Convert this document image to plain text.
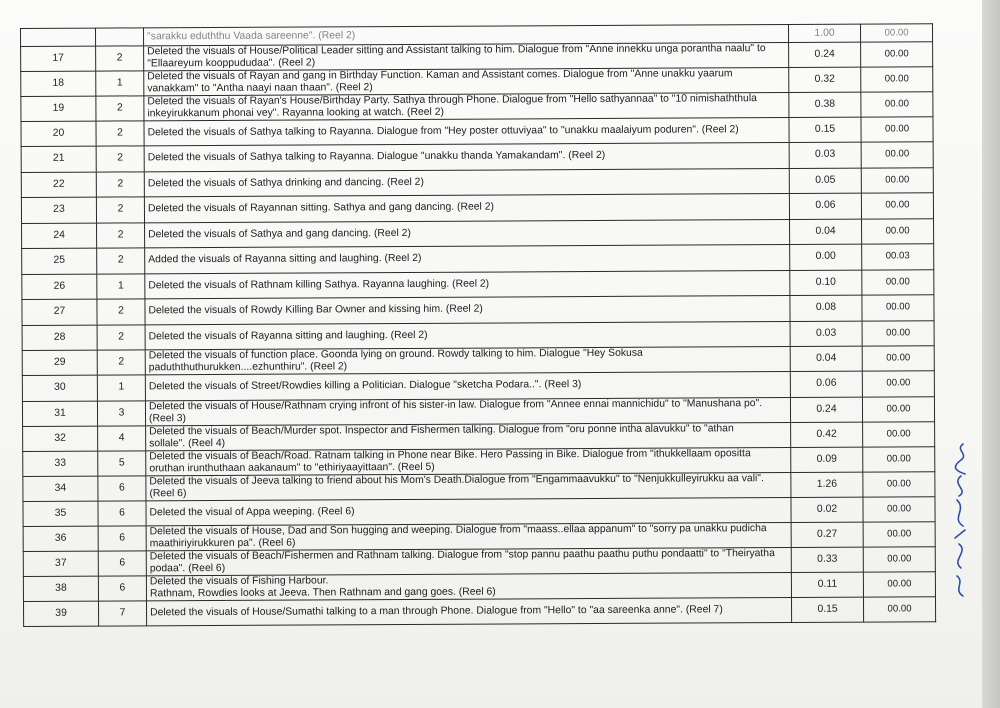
		"sarakku eduththu Vaada sareenne". (Reel 2)	1.00	00.00
17	2	Deleted the visuals of House/Political Leader sitting and Assistant talking to him. Dialogue from "Anne innekku unga porantha naalu" to "Ellaareyum kooppududaa". (Reel 2)	0.24	00.00
18	1	Deleted the visuals of Rayan and gang in Birthday Function. Kaman and Assistant comes. Dialogue from "Anne unakku yaarum vanakkam" to "Antha naayi naan thaan". (Reel 2)	0.32	00.00
19	2	Deleted the visuals of Rayan's House/Birthday Party. Sathya through Phone. Dialogue from "Hello sathyannaa" to "10 nimishaththula inkeyirukkanum phonai vey". Rayanna looking at watch. (Reel 2)	0.38	00.00
20	2	Deleted the visuals of Sathya talking to Rayanna. Dialogue from "Hey poster ottuviyaa" to "unakku maalaiyum poduren". (Reel 2)	0.15	00.00
21	2	Deleted the visuals of Sathya talking to Rayanna. Dialogue "unakku thanda Yamakandam". (Reel 2)	0.03	00.00
22	2	Deleted the visuals of Sathya drinking and dancing. (Reel 2)	0.05	00.00
23	2	Deleted the visuals of Rayannan sitting. Sathya and gang dancing. (Reel 2)	0.06	00.00
24	2	Deleted the visuals of Sathya and gang dancing. (Reel 2)	0.04	00.00
25	2	Added the visuals of Rayanna sitting and laughing. (Reel 2)	0.00	00.03
26	1	Deleted the visuals of Rathnam killing Sathya. Rayanna laughing. (Reel 2)	0.10	00.00
27	2	Deleted the visuals of Rowdy Killing Bar Owner and kissing him. (Reel 2)	0.08	00.00
28	2	Deleted the visuals of Rayanna sitting and laughing. (Reel 2)	0.03	00.00
29	2	Deleted the visuals of function place. Goonda lying on ground. Rowdy talking to him. Dialogue "Hey Sokusa paduththuthurukken....ezhunthiru". (Reel 2)	0.04	00.00
30	1	Deleted the visuals of Street/Rowdies killing a Politician. Dialogue "sketcha Podara..". (Reel 3)	0.06	00.00
31	3	Deleted the visuals of House/Rathnam crying infront of his sister-in law. Dialogue from "Annee ennai mannichidu" to "Manushana po". (Reel 3)	0.24	00.00
32	4	Deleted the visuals of Beach/Murder spot. Inspector and Fishermen talking. Dialogue from "oru ponne intha alavukku" to "athan
sollale". (Reel 4)	0.42	00.00
33	5	Deleted the visuals of Beach/Road. Ratnam talking in Phone near Bike. Hero Passing in Bike. Dialogue from "ithukkellaam opositta oruthan irunthuthaan aakanaum" to "ethiriyaayittaan". (Reel 5)	0.09	00.00
34	6	Deleted the visuals of Jeeva talking to friend about his Mom's Death.Dialogue from "Engammaavukku" to "Nenjukkulleyirukku aa vali". (Reel 6)	1.26	00.00
35	6	Deleted the visual of Appa weeping. (Reel 6)	0.02	00.00
36	6	Deleted the visuals of House, Dad and Son hugging and weeping. Dialogue from "maass..ellaa appanum" to "sorry pa unakku pudicha maathiriyirukkuren pa". (Reel 6)	0.27	00.00
37	6	Deleted the visuals of Beach/Fishermen and Rathnam talking. Dialogue from "stop pannu paathu paathu puthu pondaatti" to "Theiryatha podaa". (Reel 6)	0.33	00.00
38	6	Deleted the visuals of Fishing Harbour.
Rathnam, Rowdies looks at Jeeva. Then Rathnam and gang goes. (Reel 6)	0.11	00.00
39	7	Deleted the visuals of House/Sumathi talking to a man through Phone. Dialogue from "Hello" to "aa sareenka anne". (Reel 7)	0.15	00.00
